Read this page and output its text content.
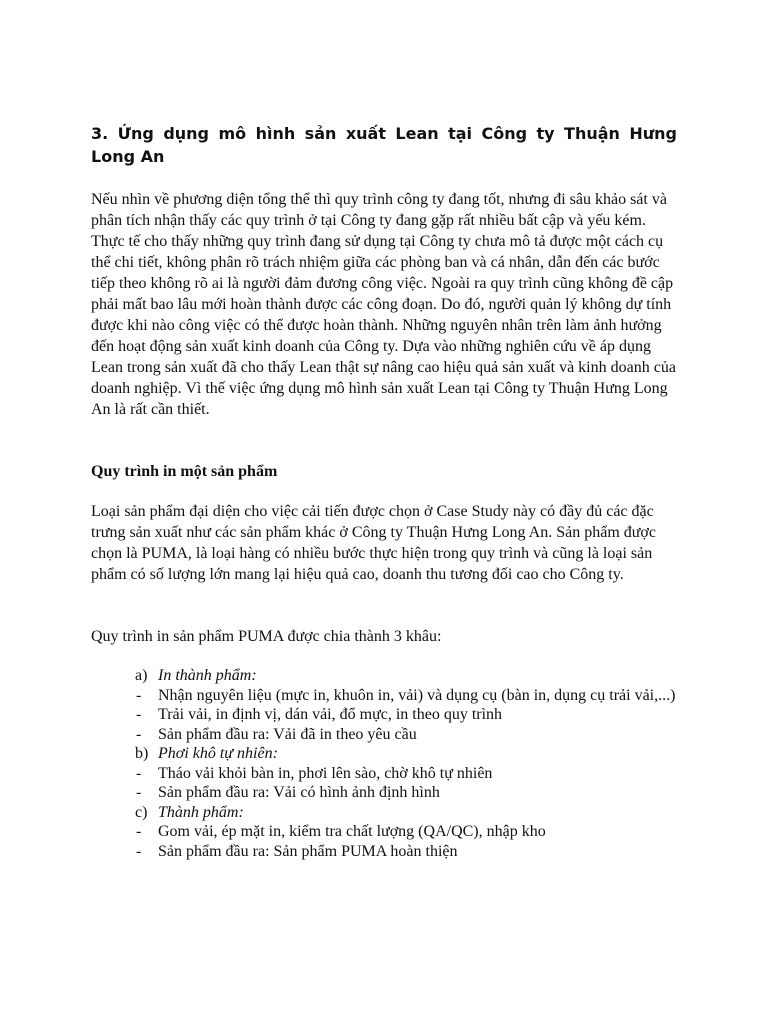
3. Ứng dụng mô hình sản xuất Lean tại Công ty Thuận Hưng Long An

Nếu nhìn về phương diện tổng thể thì quy trình công ty đang tốt, nhưng đi sâu khảo sát và phân tích nhận thấy các quy trình ở tại Công ty đang gặp rất nhiều bất cập và yếu kém. Thực tế cho thấy những quy trình đang sử dụng tại Công ty chưa mô tả được một cách cụ thể chi tiết, không phân rõ trách nhiệm giữa các phòng ban và cá nhân, dẫn đến các bước tiếp theo không rõ ai là người đảm đương công việc. Ngoài ra quy trình cũng không đề cập phải mất bao lâu mới hoàn thành được các công đoạn. Do đó, người quản lý không dự tính được khi nào công việc có thể được hoàn thành. Những nguyên nhân trên làm ảnh hưởng đến hoạt động sản xuất kinh doanh của Công ty. Dựa vào những nghiên cứu về áp dụng Lean trong sản xuất đã cho thấy Lean thật sự nâng cao hiệu quả sản xuất và kinh doanh của doanh nghiệp. Vì thế việc ứng dụng mô hình sản xuất Lean tại Công ty Thuận Hưng Long An là rất cần thiết.

Quy trình in một sản phẩm

Loại sản phẩm đại diện cho việc cải tiến được chọn ở Case Study này có đầy đủ các đặc trưng sản xuất như các sản phẩm khác ở Công ty Thuận Hưng Long An. Sản phẩm được chọn là PUMA, là loại hàng có nhiều bước thực hiện trong quy trình và cũng là loại sản phẩm có số lượng lớn mang lại hiệu quả cao, doanh thu tương đối cao cho Công ty.

Quy trình in sản phẩm PUMA được chia thành 3 khâu:

a) In thành phẩm:
- Nhận nguyên liệu (mực in, khuôn in, vải) và dụng cụ (bàn in, dụng cụ trải vải,...)
- Trải vải, in định vị, dán vải, đổ mực, in theo quy trình
- Sản phẩm đầu ra: Vải đã in theo yêu cầu
b) Phơi khô tự nhiên:
- Tháo vải khỏi bàn in, phơi lên sào, chờ khô tự nhiên
- Sản phẩm đầu ra: Vải có hình ảnh định hình
c) Thành phẩm:
- Gom vải, ép mặt in, kiểm tra chất lượng (QA/QC), nhập kho
- Sản phẩm đầu ra: Sản phẩm PUMA hoàn thiện
